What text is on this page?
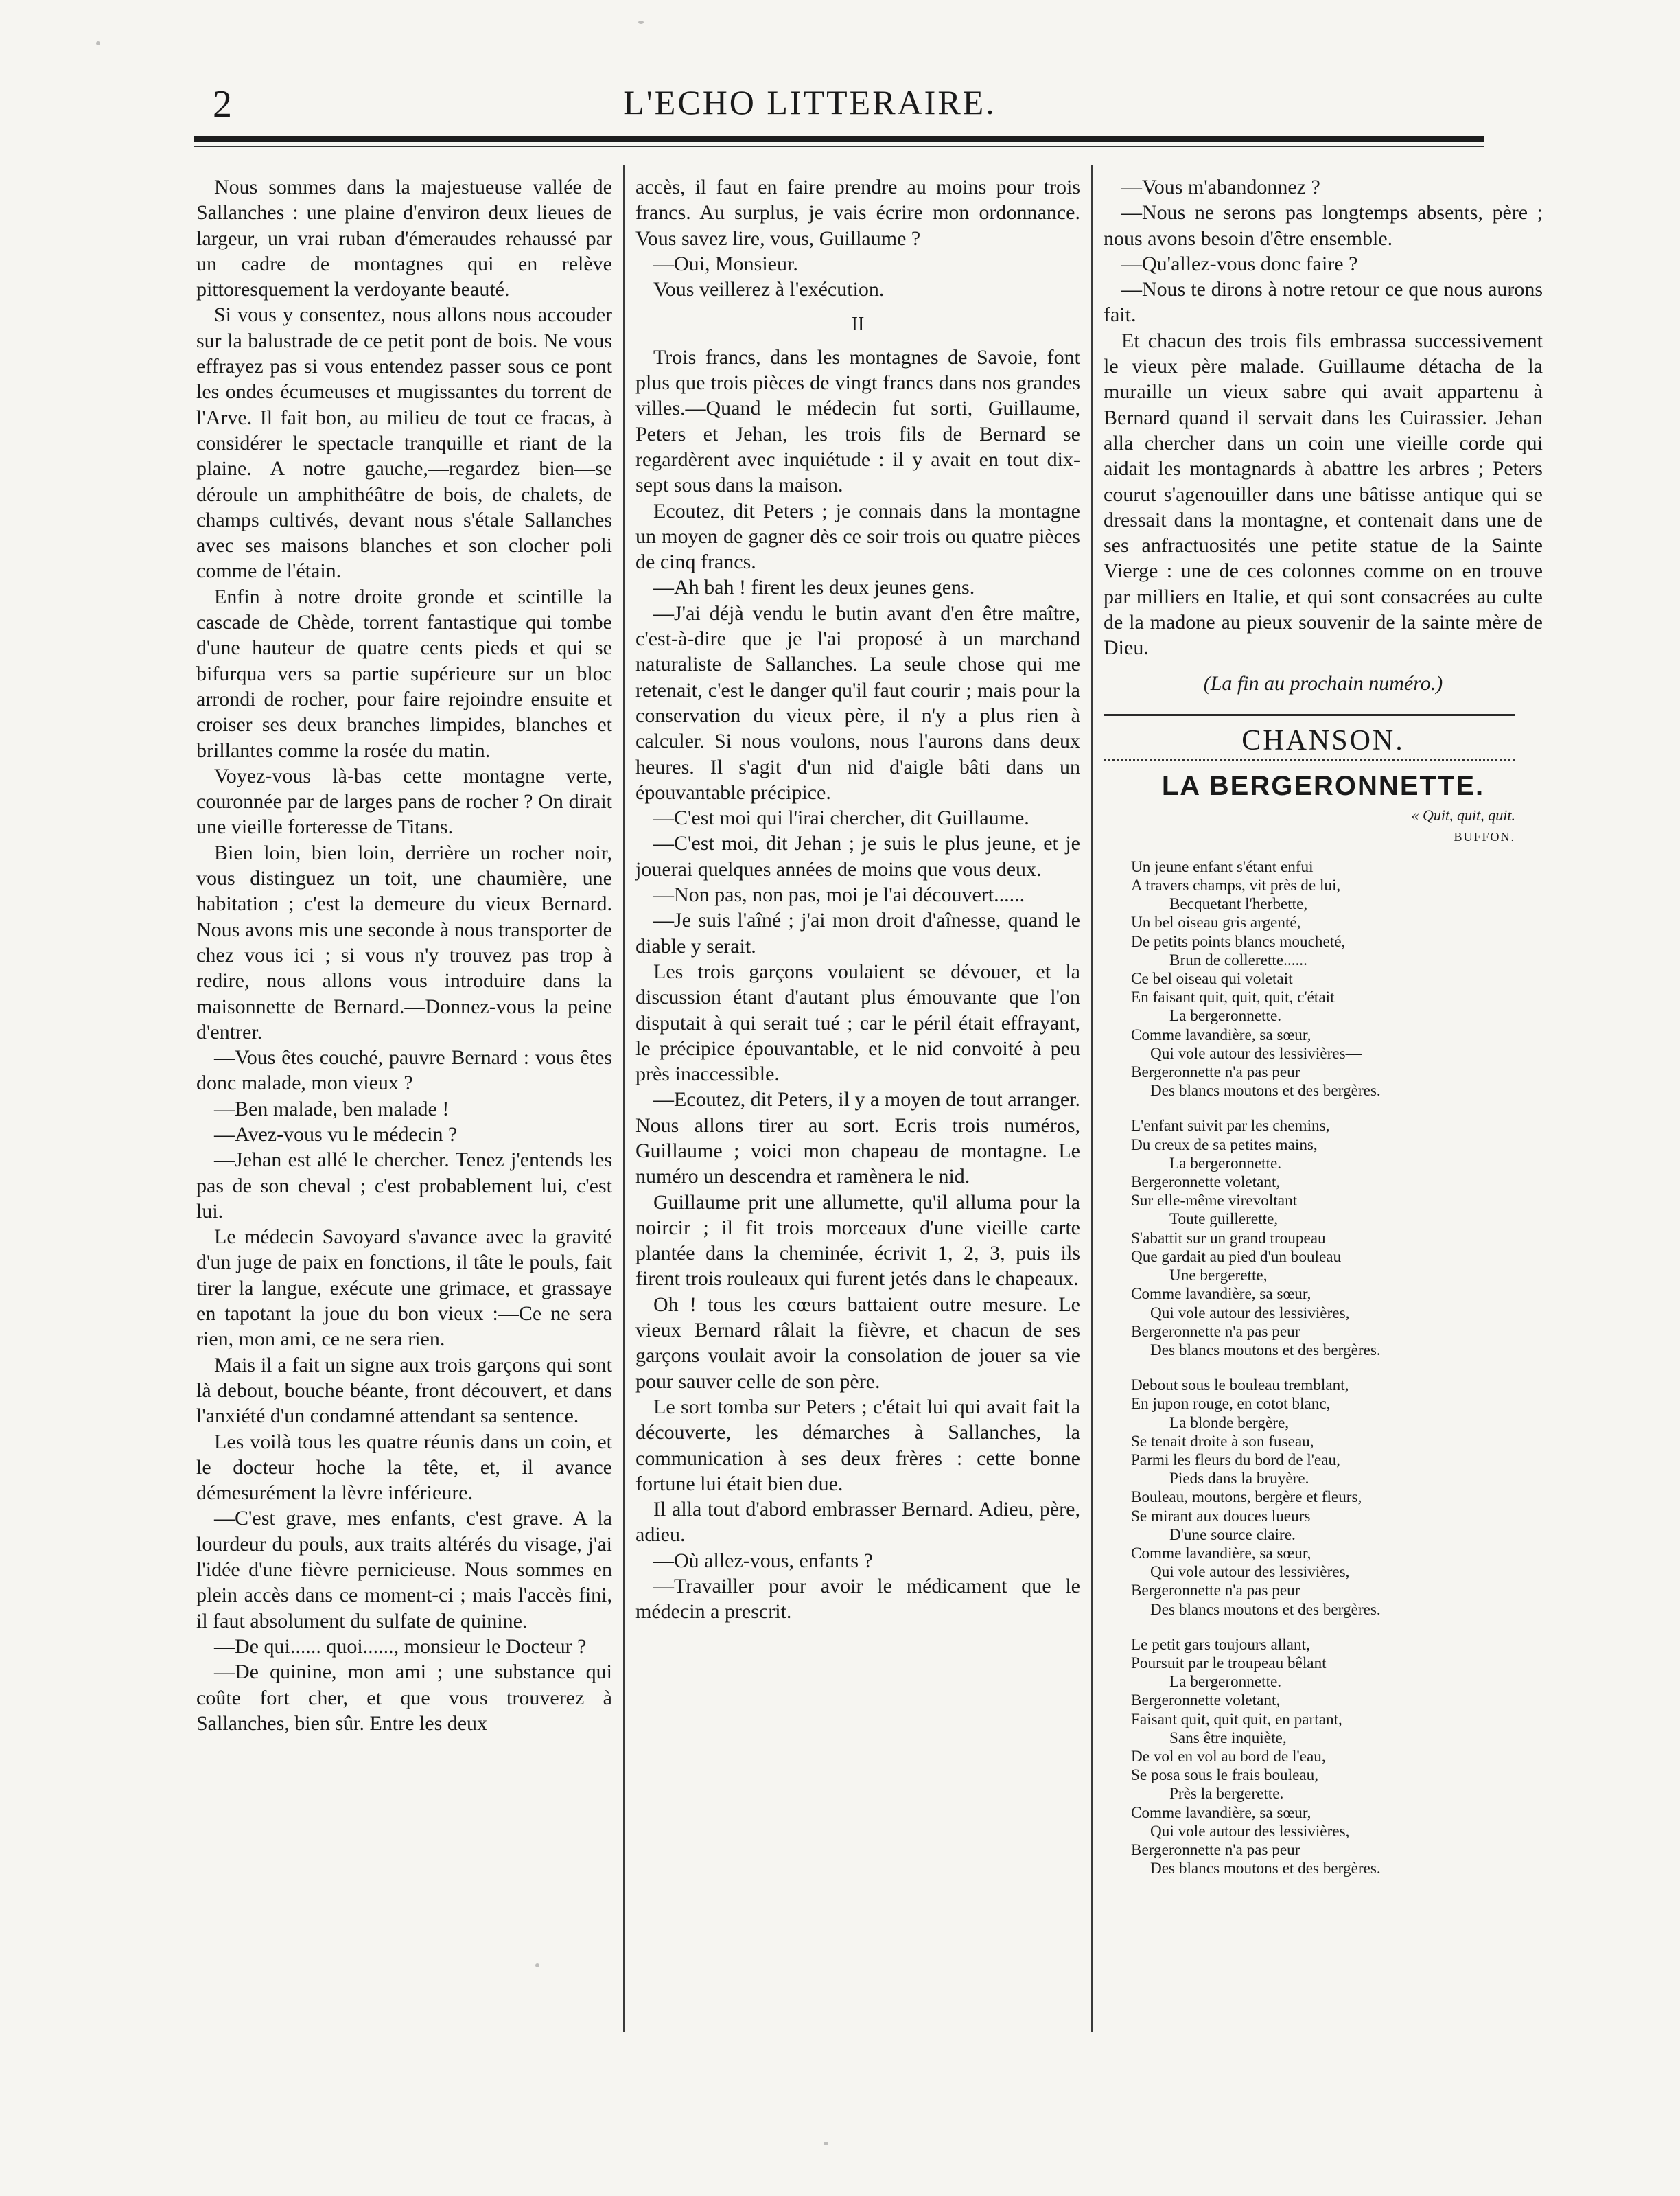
2	L'ECHO LITTERAIRE.

Nous sommes dans la majestueuse vallée de Sallanches : une plaine d'environ deux lieues de largeur, un vrai ruban d'émeraudes rehaussé par un cadre de montagnes qui en relève pittoresquement la verdoyante beauté.

Si vous y consentez, nous allons nous accouder sur la balustrade de ce petit pont de bois. Ne vous effrayez pas si vous entendez passer sous ce pont les ondes écumeuses et mugissantes du torrent de l'Arve. Il fait bon, au milieu de tout ce fracas, à considérer le spectacle tranquille et riant de la plaine. A notre gauche,—regardez bien—se déroule un amphithéâtre de bois, de chalets, de champs cultivés, devant nous s'étale Sallanches avec ses maisons blanches et son clocher poli comme de l'étain.

Enfin à notre droite gronde et scintille la cascade de Chède, torrent fantastique qui tombe d'une hauteur de quatre cents pieds et qui se bifurqua vers sa partie supérieure sur un bloc arrondi de rocher, pour faire rejoindre ensuite et croiser ses deux branches limpides, blanches et brillantes comme la rosée du matin.

Voyez-vous là-bas cette montagne verte, couronnée par de larges pans de rocher ? On dirait une vieille forteresse de Titans.

Bien loin, bien loin, derrière un rocher noir, vous distinguez un toit, une chaumière, une habitation ; c'est la demeure du vieux Bernard. Nous avons mis une seconde à nous transporter de chez vous ici ; si vous n'y trouvez pas trop à redire, nous allons vous introduire dans la maisonnette de Bernard.—Donnez-vous la peine d'entrer.

—Vous êtes couché, pauvre Bernard : vous êtes donc malade, mon vieux ?

—Ben malade, ben malade !

—Avez-vous vu le médecin ?

—Jehan est allé le chercher. Tenez j'entends les pas de son cheval ; c'est probablement lui, c'est lui.

Le médecin Savoyard s'avance avec la gravité d'un juge de paix en fonctions, il tâte le pouls, fait tirer la langue, exécute une grimace, et grassaye en tapotant la joue du bon vieux :—Ce ne sera rien, mon ami, ce ne sera rien.

Mais il a fait un signe aux trois garçons qui sont là debout, bouche béante, front découvert, et dans l'anxiété d'un condamné attendant sa sentence.

Les voilà tous les quatre réunis dans un coin, et le docteur hoche la tête, et, il avance démesurément la lèvre inférieure.

—C'est grave, mes enfants, c'est grave. A la lourdeur du pouls, aux traits altérés du visage, j'ai l'idée d'une fièvre pernicieuse. Nous sommes en plein accès dans ce moment-ci ; mais l'accès fini, il faut absolument du sulfate de quinine.

—De qui...... quoi......, monsieur le Docteur ?

—De quinine, mon ami ; une substance qui coûte fort cher, et que vous trouverez à Sallanches, bien sûr. Entre les deux

accès, il faut en faire prendre au moins pour trois francs. Au surplus, je vais écrire mon ordonnance. Vous savez lire, vous, Guillaume ?

—Oui, Monsieur.

Vous veillerez à l'exécution.

II

Trois francs, dans les montagnes de Savoie, font plus que trois pièces de vingt francs dans nos grandes villes.—Quand le médecin fut sorti, Guillaume, Peters et Jehan, les trois fils de Bernard se regardèrent avec inquiétude : il y avait en tout dix-sept sous dans la maison.

Ecoutez, dit Peters ; je connais dans la montagne un moyen de gagner dès ce soir trois ou quatre pièces de cinq francs.

—Ah bah ! firent les deux jeunes gens.

—J'ai déjà vendu le butin avant d'en être maître, c'est-à-dire que je l'ai proposé à un marchand naturaliste de Sallanches. La seule chose qui me retenait, c'est le danger qu'il faut courir ; mais pour la conservation du vieux père, il n'y a plus rien à calculer. Si nous voulons, nous l'aurons dans deux heures. Il s'agit d'un nid d'aigle bâti dans un épouvantable précipice.

—C'est moi qui l'irai chercher, dit Guillaume.

—C'est moi, dit Jehan ; je suis le plus jeune, et je jouerai quelques années de moins que vous deux.

—Non pas, non pas, moi je l'ai découvert......

—Je suis l'aîné ; j'ai mon droit d'aînesse, quand le diable y serait.

Les trois garçons voulaient se dévouer, et la discussion étant d'autant plus émouvante que l'on disputait à qui serait tué ; car le péril était effrayant, le précipice épouvantable, et le nid convoité à peu près inaccessible.

—Ecoutez, dit Peters, il y a moyen de tout arranger. Nous allons tirer au sort. Ecris trois numéros, Guillaume ; voici mon chapeau de montagne. Le numéro un descendra et ramènera le nid.

Guillaume prit une allumette, qu'il alluma pour la noircir ; il fit trois morceaux d'une vieille carte plantée dans la cheminée, écrivit 1, 2, 3, puis ils firent trois rouleaux qui furent jetés dans le chapeaux.

Oh ! tous les cœurs battaient outre mesure. Le vieux Bernard râlait la fièvre, et chacun de ses garçons voulait avoir la consolation de jouer sa vie pour sauver celle de son père.

Le sort tomba sur Peters ; c'était lui qui avait fait la découverte, les démarches à Sallanches, la communication à ses deux frères : cette bonne fortune lui était bien due.

Il alla tout d'abord embrasser Bernard. Adieu, père, adieu.

—Où allez-vous, enfants ?

—Travailler pour avoir le médicament que le médecin a prescrit.

—Vous m'abandonnez ?

—Nous ne serons pas longtemps absents, père ; nous avons besoin d'être ensemble.

—Qu'allez-vous donc faire ?

—Nous te dirons à notre retour ce que nous aurons fait.

Et chacun des trois fils embrassa successivement le vieux père malade. Guillaume détacha de la muraille un vieux sabre qui avait appartenu à Bernard quand il servait dans les Cuirassier. Jehan alla chercher dans un coin une vieille corde qui aidait les montagnards à abattre les arbres ; Peters courut s'agenouiller dans une bâtisse antique qui se dressait dans la montagne, et contenait dans une de ses anfractuosités une petite statue de la Sainte Vierge : une de ces colonnes comme on en trouve par milliers en Italie, et qui sont consacrées au culte de la madone au pieux souvenir de la sainte mère de Dieu.

(La fin au prochain numéro.)
CHANSON.
LA BERGERONNETTE.
« Quit, quit, quit.
BUFFON.
Un jeune enfant s'étant enfui
A travers champs, vit près de lui,
Becquetant l'herbette,
Un bel oiseau gris argenté,
De petits points blancs moucheté,
Brun de collerette......
Ce bel oiseau qui voletait
En faisant quit, quit, quit, c'était
La bergeronnette.
Comme lavandière, sa sœur,
Qui vole autour des lessivières—
Bergeronnette n'a pas peur
Des blancs moutons et des bergères.
L'enfant suivit par les chemins,
Du creux de sa petites mains,
La bergeronnette.
Bergeronnette voletant,
Sur elle-même virevoltant
Toute guillerette,
S'abattit sur un grand troupeau
Que gardait au pied d'un bouleau
Une bergerette,
Comme lavandière, sa sœur,
Qui vole autour des lessivières,
Bergeronnette n'a pas peur
Des blancs moutons et des bergères.
Debout sous le bouleau tremblant,
En jupon rouge, en cotot blanc,
La blonde bergère,
Se tenait droite à son fuseau,
Parmi les fleurs du bord de l'eau,
Pieds dans la bruyère.
Bouleau, moutons, bergère et fleurs,
Se mirant aux douces lueurs
D'une source claire.
Comme lavandière, sa sœur,
Qui vole autour des lessivières,
Bergeronnette n'a pas peur
Des blancs moutons et des bergères.
Le petit gars toujours allant,
Poursuit par le troupeau bêlant
La bergeronnette.
Bergeronnette voletant,
Faisant quit, quit quit, en partant,
Sans être inquiète,
De vol en vol au bord de l'eau,
Se posa sous le frais bouleau,
Près la bergerette.
Comme lavandière, sa sœur,
Qui vole autour des lessivières,
Bergeronnette n'a pas peur
Des blancs moutons et des bergères.
